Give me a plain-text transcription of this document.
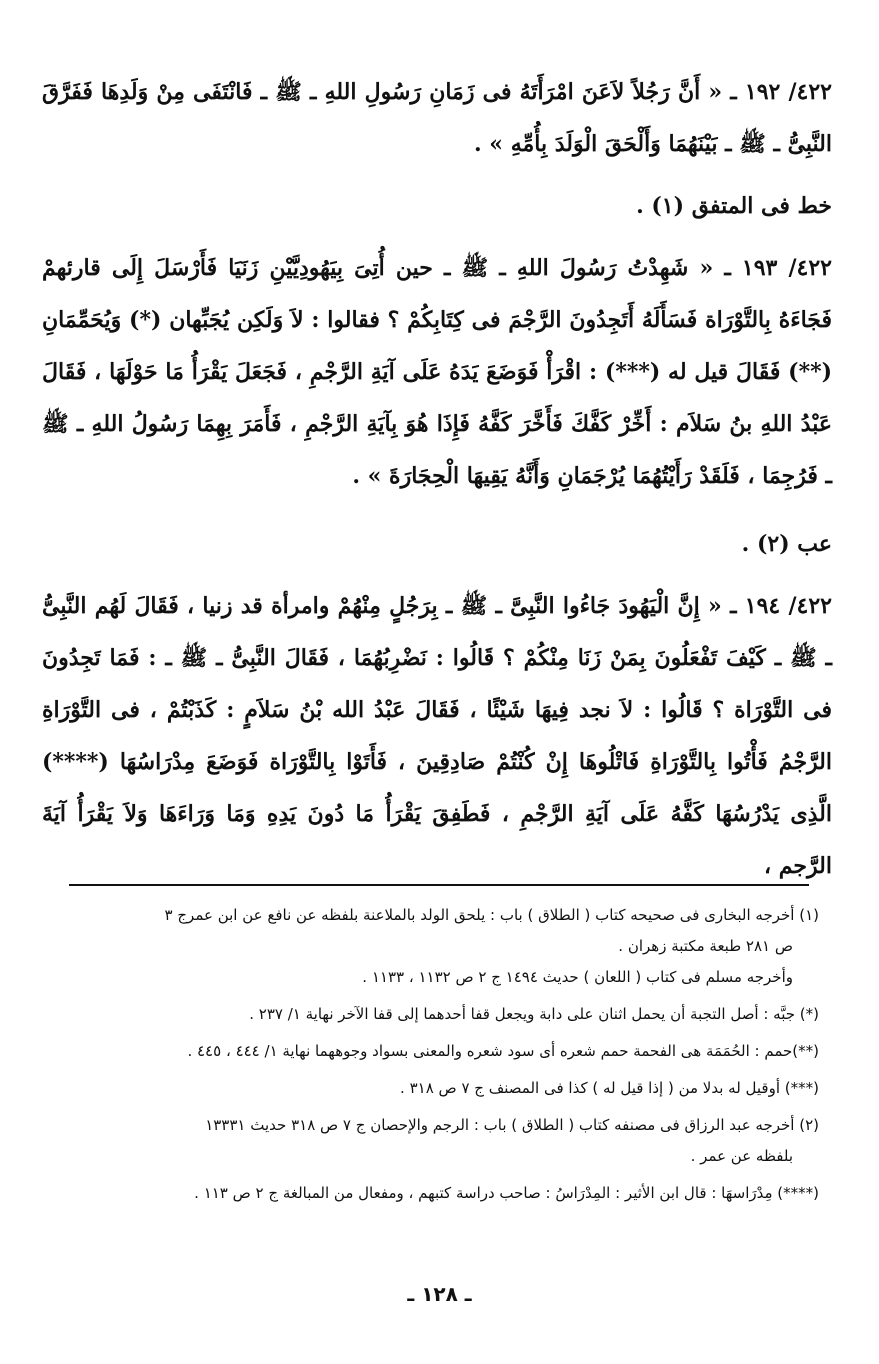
٤٢٢/ ١٩٢ ـ « أَنَّ رَجُلاً لاَعَنَ امْرَأَتَهُ فى زَمَانِ رَسُولِ اللهِ ـ ﷺ ـ فَانْتَفَى مِنْ وَلَدِهَا فَفَرَّقَ النَّبِىُّ ـ ﷺ ـ بَيْنَهُمَا وَأَلْحَقَ الْوَلَدَ بِأُمِّهِ » .

خط فى المتفق (١) .

٤٢٢/ ١٩٣ ـ « شَهِدْتُ رَسُولَ اللهِ ـ ﷺ ـ حين أُتِىَ بِيَهُودِيَّيْنِ زَنَيَا فَأَرْسَلَ إِلَى قارئهمْ فَجَاءَهُ بِالتَّوْرَاة فَسَأَلَهُ أَتَجِدُونَ الرَّجْمَ فى كِتَابِكُمْ ؟ فقالوا : لاَ وَلَكِن يُجَبِّهان (*) وَيُحَمِّمَانِ (**) فَقَالَ قيل له (***) : اقْرَأْ فَوَضَعَ يَدَهُ عَلَى آيَةِ الرَّجْمِ ، فَجَعَلَ يَقْرَأُ مَا حَوْلَهَا ، فَقَالَ عَبْدُ اللهِ بنُ سَلاَم : أَخِّرْ كَفَّكَ فَأَخَّرَ كَفَّهُ فَإِذَا هُوَ بِآيَةِ الرَّجْمِ ، فَأَمَرَ بِهِمَا رَسُولُ اللهِ ـ ﷺ ـ فَرُجِمَا ، فَلَقَدْ رَأَيْتُهُمَا يُرْجَمَانِ وَأَنَّهُ يَقِيهَا الْحِجَارَةَ » .

عب (٢) .

٤٢٢/ ١٩٤ ـ « إِنَّ الْيَهُودَ جَاءُوا النَّبِىَّ ـ ﷺ ـ بِرَجُلٍ مِنْهُمْ وامرأة قد زنيا ، فَقَالَ لَهُم النَّبِىُّ ـ ﷺ ـ كَيْفَ تَفْعَلُونَ بِمَنْ زَنَا مِنْكُمْ ؟ قَالُوا : نَضْرِبُهُمَا ، فَقَالَ النَّبِىُّ ـ ﷺ ـ : فَمَا تَجِدُونَ فى التَّوْرَاة ؟ قَالُوا : لاَ نجد فِيهَا شَيْئًا ، فَقَالَ عَبْدُ الله بْنُ سَلاَمٍ : كَذَبْتُمْ ، فى التَّوْرَاةِ الرَّجْمُ فَأْتُوا بِالتَّوْرَاةِ فَاتْلُوهَا إِنْ كُنْتُمْ صَادِقِينَ ، فَأَتَوْا بِالتَّوْرَاة فَوَضَعَ مِدْرَاسُهَا (****) الَّذِى يَدْرُسُهَا كَفَّهُ عَلَى آيَةِ الرَّجْمِ ، فَطَفِقَ يَقْرَأُ مَا دُونَ يَدِهِ وَمَا وَرَاءَهَا وَلاَ يَقْرَأُ آيَةَ الرَّجم ،

(١) أخرجه البخارى فى صحيحه كتاب ( الطلاق ) باب : يلحق الولد بالملاعنة بلفظه عن نافع عن ابن عمرج ٣

ص ٢٨١ طبعة مكتبة زهران .

وأخرجه مسلم فى كتاب ( اللعان ) حديث ١٤٩٤ ج ٢ ص ١١٣٢ ، ١١٣٣ .

(*) جبَّه : أصل التجبة أن يحمل اثنان على دابة ويجعل قفا أحدهما إلى قفا الآخر نهاية ١/ ٢٣٧ .

(**)حمم : الحُمَمَة هى الفحمة حمم شعره أى سود شعره والمعنى بسواد وجوههما نهاية ١/ ٤٤٤ ، ٤٤٥ .

(***) أوقيل له بدلا من ( إذا قيل له ) كذا فى المصنف ج ٧ ص ٣١٨ .

(٢) أخرجه عبد الرزاق فى مصنفه كتاب ( الطلاق ) باب : الرجم والإحصان ج ٧ ص ٣١٨ حديث ١٣٣٣١

بلفظه عن عمر .

(****) مِدْرَاسهَا : قال ابن الأثير : المِدْرَاسُ : صاحب دراسة كتبهم ، ومفعال من المبالغة ج ٢ ص ١١٣ .

ـ ١٢٨ ـ
